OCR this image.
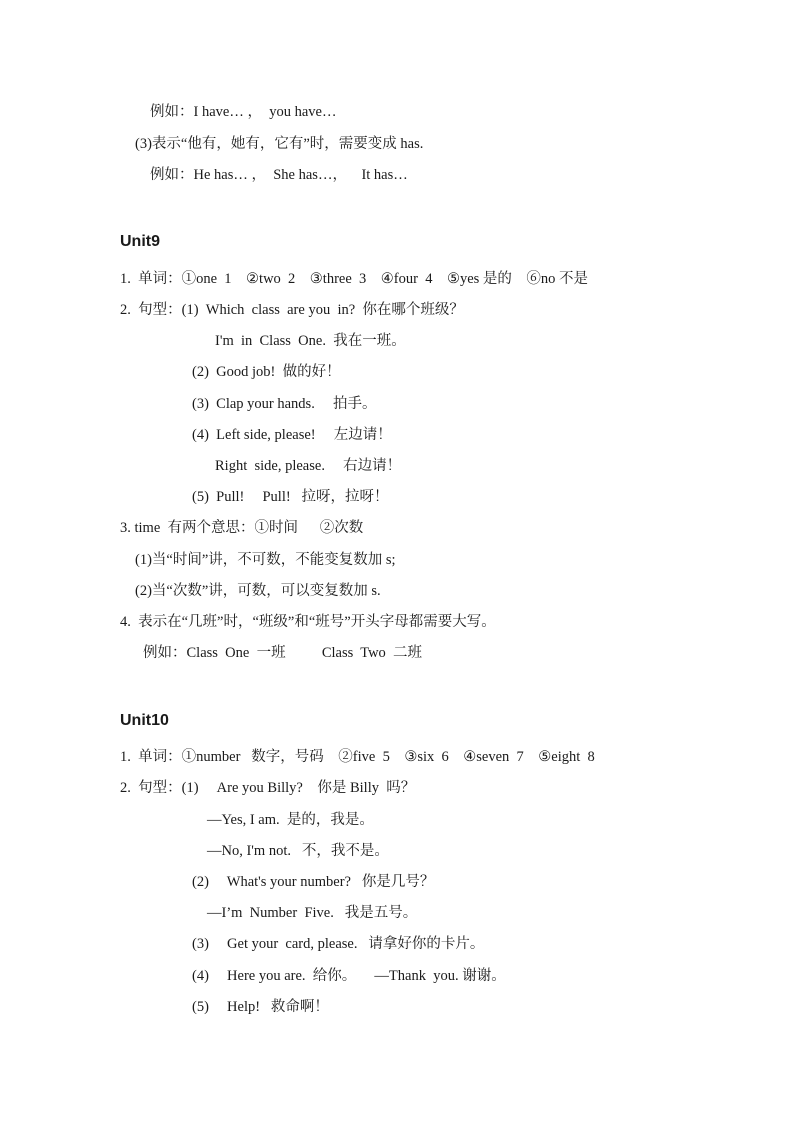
例如：I have… ，  you have…
(3)表示“他有，她有，它有”时，需要变成 has.
例如：He has… ，  She has…，    It has…
Unit9
1.  单词：①one  1    ②two  2    ③three  3    ④four  4    ⑤yes 是的    ⑥no 不是
2.  句型：(1)  Which  class  are you  in?  你在哪个班级？
I'm  in  Class  One.  我在一班。
(2)  Good job!  做的好！
(3)  Clap your hands.     拍手。
(4)  Left side, please!     左边请！
Right  side, please.     右边请！
(5)  Pull!     Pull!   拉呀，拉呀！
3. time  有两个意思：①时间      ②次数
(1)当“时间”讲，不可数，不能变复数加 s;
(2)当“次数”讲，可数，可以变复数加 s.
4.  表示在“几班”时，“班级”和“班号”开头字母都需要大写。
例如：Class  One  一班          Class  Two  二班
Unit10
1.  单词：①number   数字，号码    ②five  5    ③six  6    ④seven  7    ⑤eight  8
2.  句型：(1)     Are you Billy?    你是 Billy  吗？
—Yes, I am.  是的，我是。
—No, I'm not.   不，我不是。
(2)     What's your number?   你是几号？
—I’m  Number  Five.   我是五号。
(3)     Get your  card, please.   请拿好你的卡片。
(4)     Here you are.  给你。     —Thank  you. 谢谢。
(5)     Help!   救命啊！
